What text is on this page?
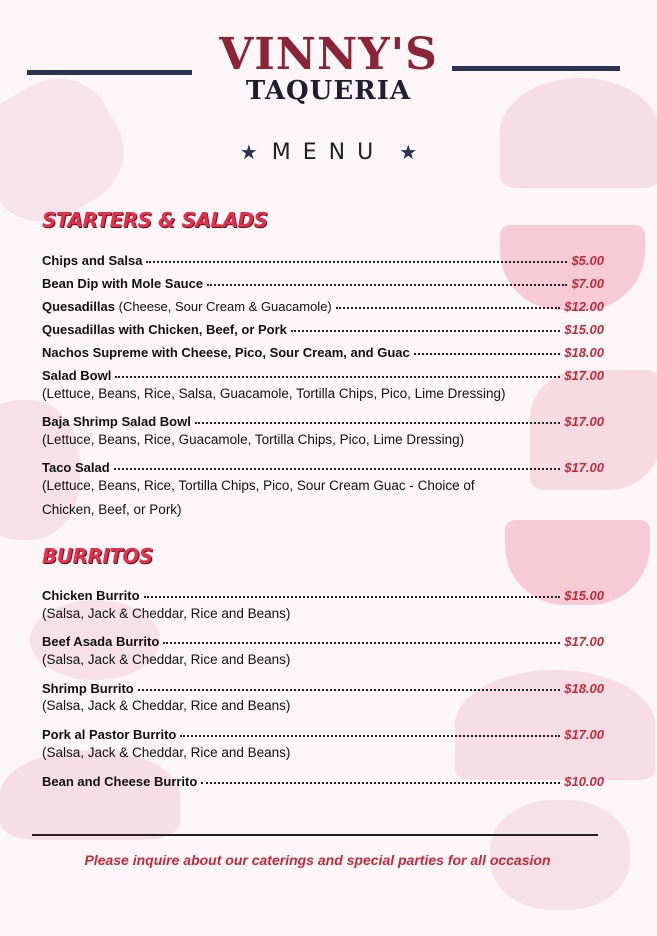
VINNY'S
TAQUERIA
★ MENU ★
STARTERS & SALADS
Chips and Salsa	$5.00
Bean Dip with Mole Sauce	$7.00
Quesadillas (Cheese, Sour Cream & Guacamole)	$12.00
Quesadillas with Chicken, Beef, or Pork	$15.00
Nachos Supreme with Cheese, Pico, Sour Cream, and Guac	$18.00
Salad Bowl	$17.00
(Lettuce, Beans, Rice, Salsa, Guacamole, Tortilla Chips, Pico, Lime Dressing)
Baja Shrimp Salad Bowl	$17.00
(Lettuce, Beans, Rice, Guacamole, Tortilla Chips, Pico, Lime Dressing)
Taco Salad	$17.00
(Lettuce, Beans, Rice, Tortilla Chips, Pico, Sour Cream Guac - Choice of
Chicken, Beef, or Pork)
BURRITOS
Chicken Burrito	$15.00
(Salsa, Jack & Cheddar, Rice and Beans)
Beef Asada Burrito	$17.00
(Salsa, Jack & Cheddar, Rice and Beans)
Shrimp Burrito	$18.00
(Salsa, Jack & Cheddar, Rice and Beans)
Pork al Pastor Burrito	$17.00
(Salsa, Jack & Cheddar, Rice and Beans)
Bean and Cheese Burrito	$10.00
Please inquire about our caterings and special parties for all occasion
